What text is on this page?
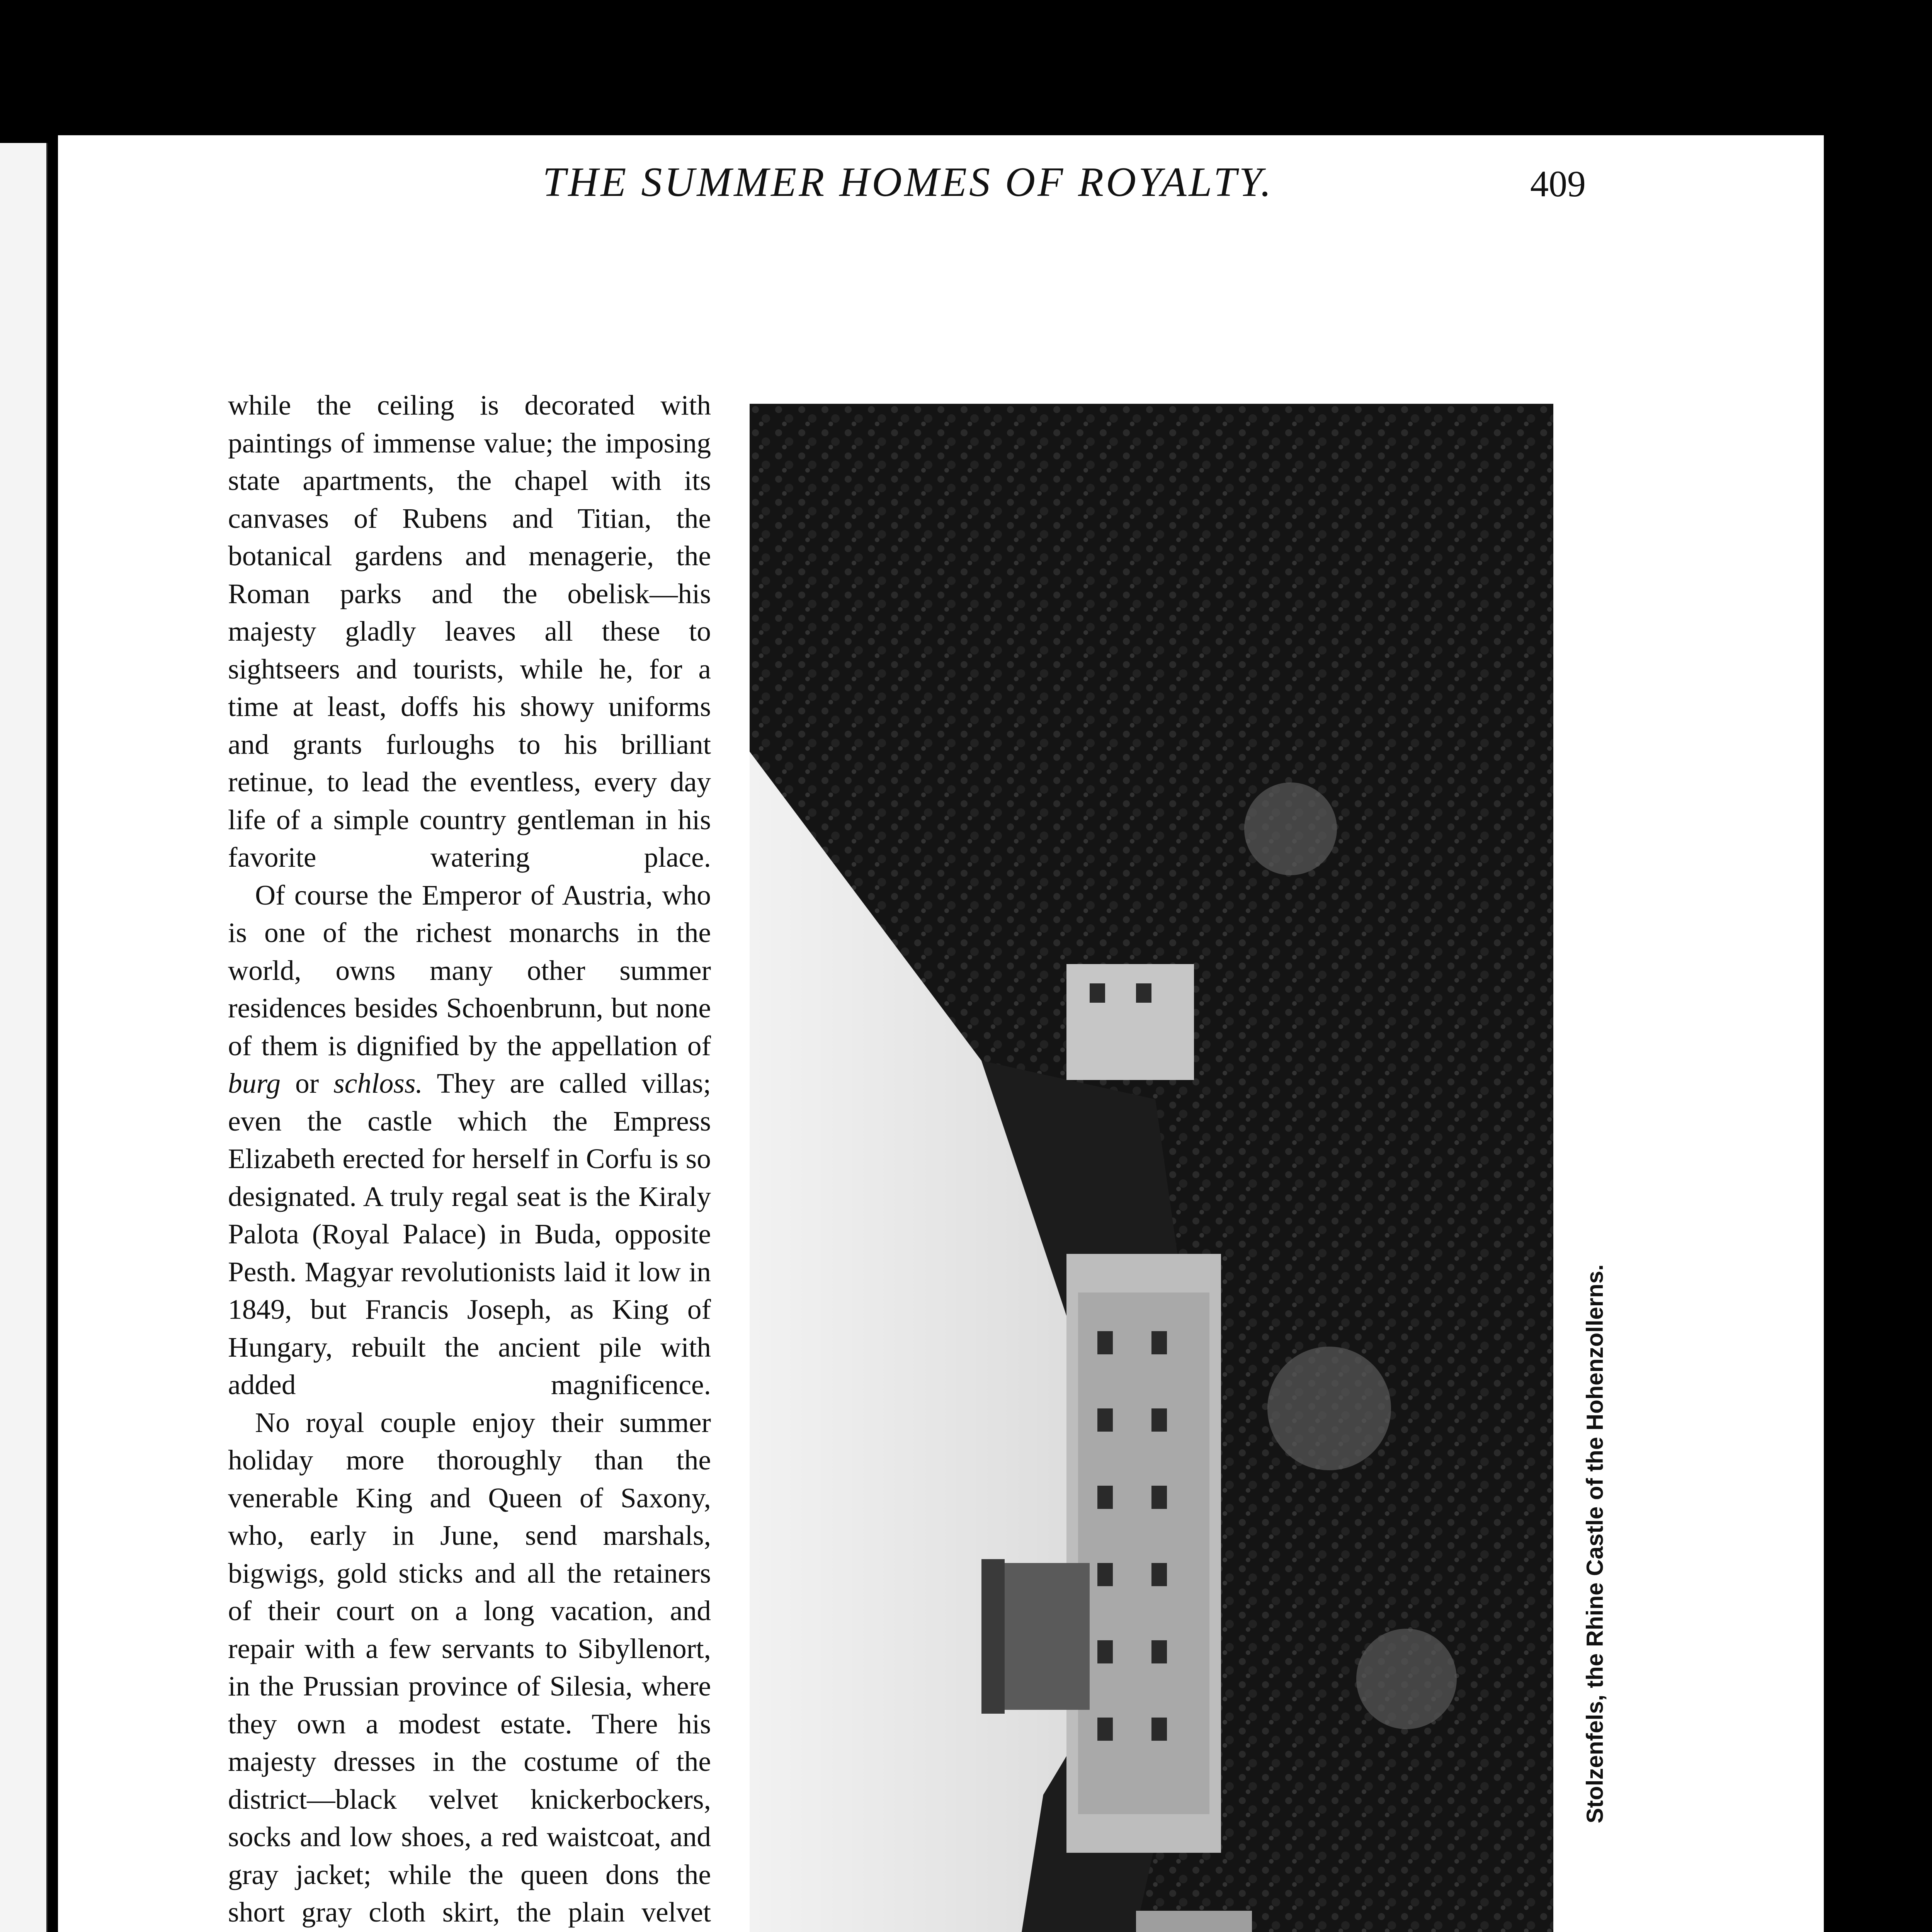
THE SUMMER HOMES OF ROYALTY.	409

while the ceiling is decorated with paintings of immense value; the imposing state apartments, the chapel with its canvases of Rubens and Titian, the botanical gardens and menagerie, the Roman parks and the obelisk—his majesty gladly leaves all these to sightseers and tourists, while he, for a time at least, doffs his showy uniforms and grants furloughs to his brilliant retinue, to lead the eventless, every day life of a simple country gentleman in his favorite watering place.

Of course the Emperor of Austria, who is one of the richest monarchs in the world, owns many other summer residences besides Schoenbrunn, but none of them is dignified by the appellation of burg or schloss. They are called villas; even the castle which the Empress Elizabeth erected for herself in Corfu is so designated. A truly regal seat is the Kiraly Palota (Royal Palace) in Buda, opposite Pesth. Magyar revolutionists laid it low in 1849, but Francis Joseph, as King of Hungary, rebuilt the ancient pile with added magnificence.

No royal couple enjoy their summer holiday more thoroughly than the venerable King and Queen of Saxony, who, early in June, send marshals, bigwigs, gold sticks and all the retainers of their court on a long vacation, and repair with a few servants to Sibyllenort, in the Prussian province of Silesia, where they own a modest estate. There his majesty dresses in the costume of the district—black velvet knickerbockers, socks and low shoes, a red waistcoat, and gray jacket; while the queen dons the short gray cloth skirt, the plain velvet

Stolzenfels, the Rhine Castle of the Hohenzollerns.
